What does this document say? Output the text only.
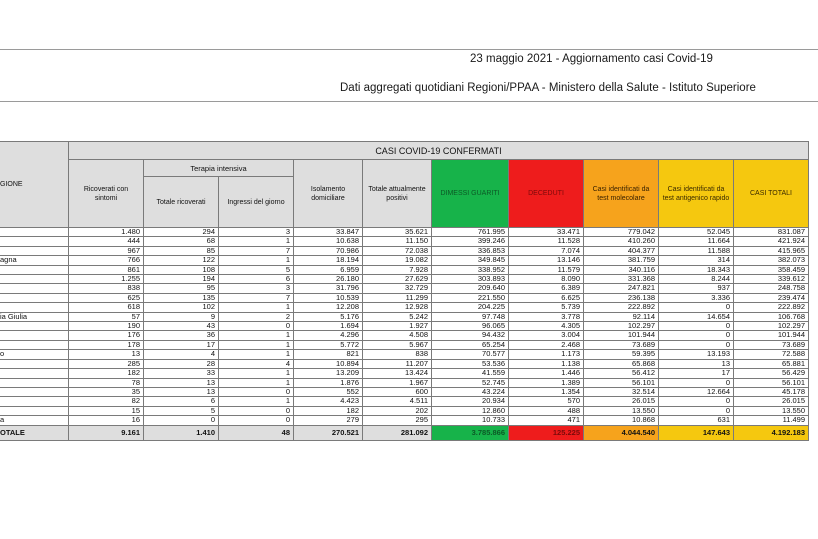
23 maggio 2021 - Aggiornamento casi Covid-19
Dati aggregati quotidiani Regioni/PPAA - Ministero della Salute - Istituto Superiore
GIONE	CASI COVID-19 CONFERMATI									
	Ricoverati con sintomi	Terapia intensiva		Isolamento domiciliare	Totale attualmente positivi	DIMESSI GUARITI	DECEDUTI	Casi identificati da test molecolare	Casi identificati da test antigenico rapido	CASI TOTALI
		Totale ricoverati	Ingressi del giorno							
	1.480	294	3	33.847	35.621	761.995	33.471	779.042	52.045	831.087
	444	68	1	10.638	11.150	399.246	11.528	410.260	11.664	421.924
	967	85	7	70.986	72.038	336.853	7.074	404.377	11.588	415.965
agna	766	122	1	18.194	19.082	349.845	13.146	381.759	314	382.073
	861	108	5	6.959	7.928	338.952	11.579	340.116	18.343	358.459
	1.255	194	6	26.180	27.629	303.893	8.090	331.368	8.244	339.612
	838	95	3	31.796	32.729	209.640	6.389	247.821	937	248.758
	625	135	7	10.539	11.299	221.550	6.625	236.138	3.336	239.474
	618	102	1	12.208	12.928	204.225	5.739	222.892	0	222.892
ia Giulia	57	9	2	5.176	5.242	97.748	3.778	92.114	14.654	106.768
	190	43	0	1.694	1.927	96.065	4.305	102.297	0	102.297
	176	36	1	4.296	4.508	94.432	3.004	101.944	0	101.944
	178	17	1	5.772	5.967	65.254	2.468	73.689	0	73.689
o	13	4	1	821	838	70.577	1.173	59.395	13.193	72.588
	285	28	4	10.894	11.207	53.536	1.138	65.868	13	65.881
	182	33	1	13.209	13.424	41.559	1.446	56.412	17	56.429
	78	13	1	1.876	1.967	52.745	1.389	56.101	0	56.101
	35	13	0	552	600	43.224	1.354	32.514	12.664	45.178
	82	6	1	4.423	4.511	20.934	570	26.015	0	26.015
	15	5	0	182	202	12.860	488	13.550	0	13.550
a	16	0	0	279	295	10.733	471	10.868	631	11.499
OTALE	9.161	1.410	48	270.521	281.092	3.785.866	125.225	4.044.540	147.643	4.192.183
